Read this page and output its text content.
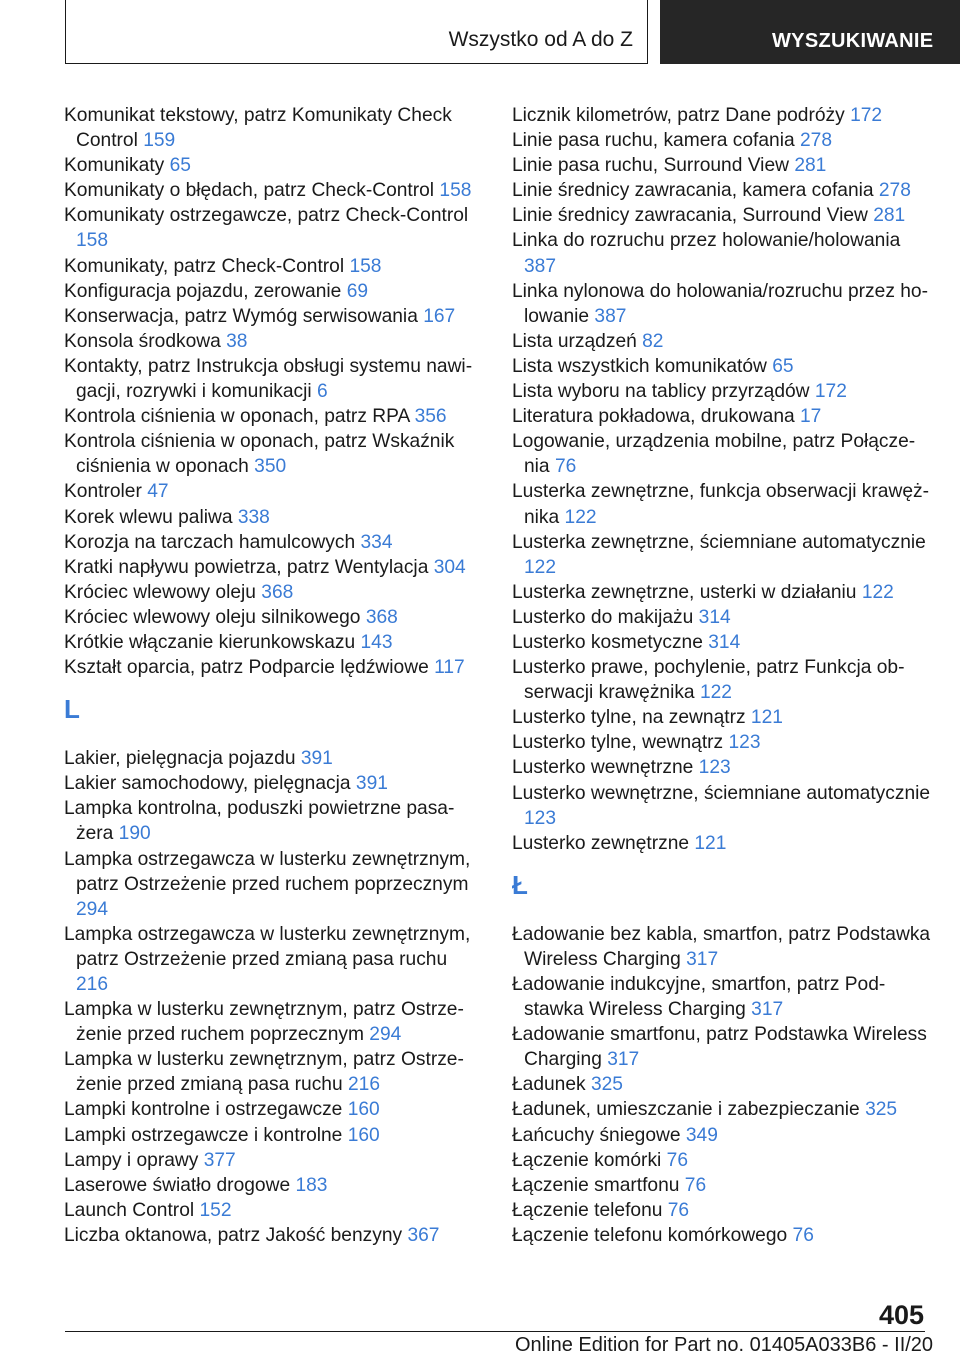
Wszystko od A do Z	WYSZUKIWANIE
Komunikat tekstowy, patrz Komunikaty Check Control 159
Komunikaty 65
Komunikaty o błędach, patrz Check-Control 158
Komunikaty ostrzegawcze, patrz Check-Control 158
Komunikaty, patrz Check-Control 158
Konfiguracja pojazdu, zerowanie 69
Konserwacja, patrz Wymóg serwisowania 167
Konsola środkowa 38
Kontakty, patrz Instrukcja obsługi systemu nawigacji, rozrywki i komunikacji 6
Kontrola ciśnienia w oponach, patrz RPA 356
Kontrola ciśnienia w oponach, patrz Wskaźnik ciśnienia w oponach 350
Kontroler 47
Korek wlewu paliwa 338
Korozja na tarczach hamulcowych 334
Kratki napływu powietrza, patrz Wentylacja 304
Króciec wlewowy oleju 368
Króciec wlewowy oleju silnikowego 368
Krótkie włączanie kierunkowskazu 143
Kształt oparcia, patrz Podparcie lędźwiowe 117
L
Lakier, pielęgnacja pojazdu 391
Lakier samochodowy, pielęgnacja 391
Lampka kontrolna, poduszki powietrzne pasażera 190
Lampka ostrzegawcza w lusterku zewnętrznym, patrz Ostrzeżenie przed ruchem poprzecznym 294
Lampka ostrzegawcza w lusterku zewnętrznym, patrz Ostrzeżenie przed zmianą pasa ruchu 216
Lampka w lusterku zewnętrznym, patrz Ostrzeżenie przed ruchem poprzecznym 294
Lampka w lusterku zewnętrznym, patrz Ostrzeżenie przed zmianą pasa ruchu 216
Lampki kontrolne i ostrzegawcze 160
Lampki ostrzegawcze i kontrolne 160
Lampy i oprawy 377
Laserowe światło drogowe 183
Launch Control 152
Liczba oktanowa, patrz Jakość benzyny 367
Licznik kilometrów, patrz Dane podróży 172
Linie pasa ruchu, kamera cofania 278
Linie pasa ruchu, Surround View 281
Linie średnicy zawracania, kamera cofania 278
Linie średnicy zawracania, Surround View 281
Linka do rozruchu przez holowanie/holowania 387
Linka nylonowa do holowania/rozruchu przez holowanie 387
Lista urządzeń 82
Lista wszystkich komunikatów 65
Lista wyboru na tablicy przyrządów 172
Literatura pokładowa, drukowana 17
Logowanie, urządzenia mobilne, patrz Połączenia 76
Lusterka zewnętrzne, funkcja obserwacji krawężnika 122
Lusterka zewnętrzne, ściemniane automatycznie 122
Lusterka zewnętrzne, usterki w działaniu 122
Lusterko do makijażu 314
Lusterko kosmetyczne 314
Lusterko prawe, pochylenie, patrz Funkcja obserwacji krawężnika 122
Lusterko tylne, na zewnątrz 121
Lusterko tylne, wewnątrz 123
Lusterko wewnętrzne 123
Lusterko wewnętrzne, ściemniane automatycznie 123
Lusterko zewnętrzne 121
Ł
Ładowanie bez kabla, smartfon, patrz Podstawka Wireless Charging 317
Ładowanie indukcyjne, smartfon, patrz Podstawka Wireless Charging 317
Ładowanie smartfonu, patrz Podstawka Wireless Charging 317
Ładunek 325
Ładunek, umieszczanie i zabezpieczanie 325
Łańcuchy śniegowe 349
Łączenie komórki 76
Łączenie smartfonu 76
Łączenie telefonu 76
Łączenie telefonu komórkowego 76
405
Online Edition for Part no. 01405A033B6 - II/20
